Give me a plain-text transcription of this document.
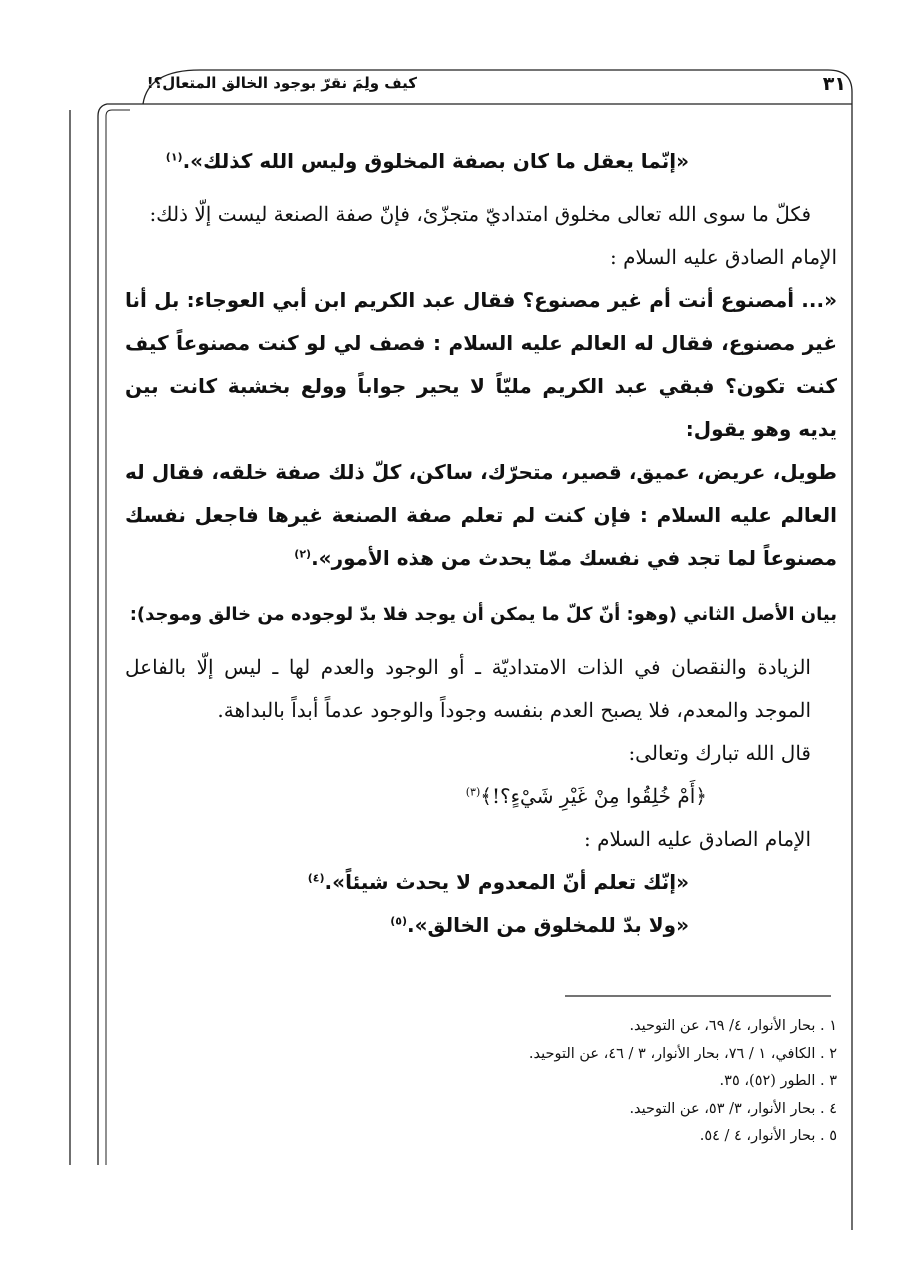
كيف ولِمَ نقرّ بوجود الخالق المتعال؟!	٣١

«إنّما يعقل ما كان بصفة المخلوق وليس الله كذلك».$^{(١)}$

فكلّ ما سوى الله تعالى مخلوق امتداديّ متجزّئ، فإنّ صفة الصنعة ليست إلّا ذلك:

الإمام الصادق عليه السلام :

«... أمصنوع أنت أم غير مصنوع؟ فقال عبد الكريم ابن أبي العوجاء: بل أنا غير مصنوع، فقال له العالم عليه السلام : فصف لي لو كنت مصنوعاً كيف كنت تكون؟ فبقي عبد الكريم مليّاً لا يحير جواباً وولع بخشبة كانت بين يديه وهو يقول:

طويل، عريض، عميق، قصير، متحرّك، ساكن، كلّ ذلك صفة خلقه، فقال له العالم عليه السلام : فإن كنت لم تعلم صفة الصنعة غيرها فاجعل نفسك مصنوعاً لما تجد في نفسك ممّا يحدث من هذه الأمور».$^{(٢)}$

بيان الأصل الثاني (وهو: أنّ كلّ ما يمكن أن يوجد فلا بدّ لوجوده من خالق وموجد):

الزيادة والنقصان في الذات الامتداديّة ـ أو الوجود والعدم لها ـ ليس إلّا بالفاعل الموجد والمعدم، فلا يصبح العدم بنفسه وجوداً والوجود عدماً أبداً بالبداهة.

قال الله تبارك وتعالى:

﴿أَمْ خُلِقُوا مِنْ غَيْرِ شَيْءٍ؟!﴾$^{(٣)}$

الإمام الصادق عليه السلام :

«إنّك تعلم أنّ المعدوم لا يحدث شيئاً».$^{(٤)}$

«ولا بدّ للمخلوق من الخالق».$^{(٥)}$

١ . بحار الأنوار، ٤/ ٦٩، عن التوحيد.
٢ . الكافي، ١ / ٧٦، بحار الأنوار، ٣ / ٤٦، عن التوحيد.
٣ . الطور (٥٢)، ٣٥.
٤ . بحار الأنوار، ٣/ ٥٣، عن التوحيد.
٥ . بحار الأنوار، ٤ / ٥٤.
